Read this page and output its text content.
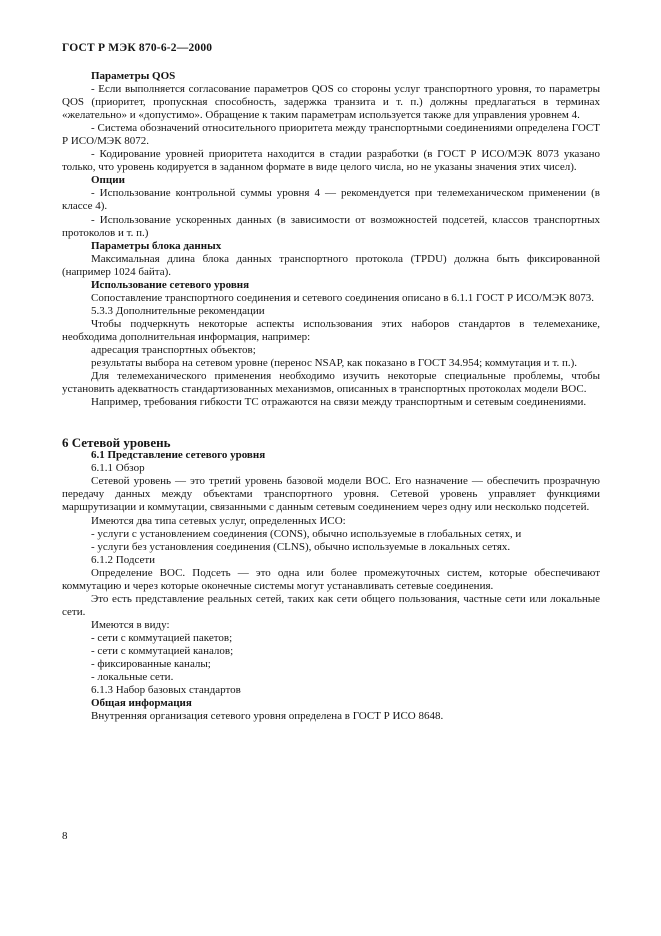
ГОСТ Р МЭК 870-6-2—2000

Параметры QOS

- Если выполняется согласование параметров QOS со стороны услуг транспортного уровня, то параметры QOS (приоритет, пропускная способность, задержка транзита и т. п.) должны предлагаться в терминах «желательно» и «допустимо». Обращение к таким параметрам используется также для управления уровнем 4.

- Система обозначений относительного приоритета между транспортными соединениями определена ГОСТ Р ИСО/МЭК 8072.

- Кодирование уровней приоритета находится в стадии разработки (в ГОСТ Р ИСО/МЭК 8073 указано только, что уровень кодируется в заданном формате в виде целого числа, но не указаны значения этих чисел).

Опции

- Использование контрольной суммы уровня 4 — рекомендуется при телемеханическом применении (в классе 4).

- Использование ускоренных данных (в зависимости от возможностей подсетей, классов транспортных протоколов и т. п.)

Параметры блока данных

Максимальная длина блока данных транспортного протокола (TPDU) должна быть фиксированной (например 1024 байта).

Использование сетевого уровня

Сопоставление транспортного соединения и сетевого соединения описано в 6.1.1 ГОСТ Р ИСО/МЭК 8073.

5.3.3 Дополнительные рекомендации

Чтобы подчеркнуть некоторые аспекты использования этих наборов стандартов в телемеханике, необходима дополнительная информация, например:

адресация транспортных объектов;

результаты выбора на сетевом уровне (перенос NSAP, как показано в ГОСТ 34.954; коммутация и т. п.).

Для телемеханического применения необходимо изучить некоторые специальные проблемы, чтобы установить адекватность стандартизованных механизмов, описанных в транспортных протоколах модели ВОС.

Например, требования гибкости ТС отражаются на связи между транспортным и сетевым соединениями.

6 Сетевой уровень

6.1 Представление сетевого уровня

6.1.1 Обзор

Сетевой уровень — это третий уровень базовой модели ВОС. Его назначение — обеспечить прозрачную передачу данных между объектами транспортного уровня. Сетевой уровень управляет функциями маршрутизации и коммутации, связанными с данным сетевым соединением через одну или несколько подсетей.

Имеются два типа сетевых услуг, определенных ИСО:

- услуги с установлением соединения (CONS), обычно используемые в глобальных сетях, и

- услуги без установления соединения (CLNS), обычно используемые в локальных сетях.

6.1.2 Подсети

Определение ВОС. Подсеть — это одна или более промежуточных систем, которые обеспечивают коммутацию и через которые оконечные системы могут устанавливать сетевые соединения.

Это есть представление реальных сетей, таких как сети общего пользования, частные сети или локальные сети.

Имеются в виду:

- сети с коммутацией пакетов;

- сети с коммутацией каналов;

- фиксированные каналы;

- локальные сети.

6.1.3 Набор базовых стандартов

Общая информация

Внутренняя организация сетевого уровня определена в ГОСТ Р ИСО 8648.

8
